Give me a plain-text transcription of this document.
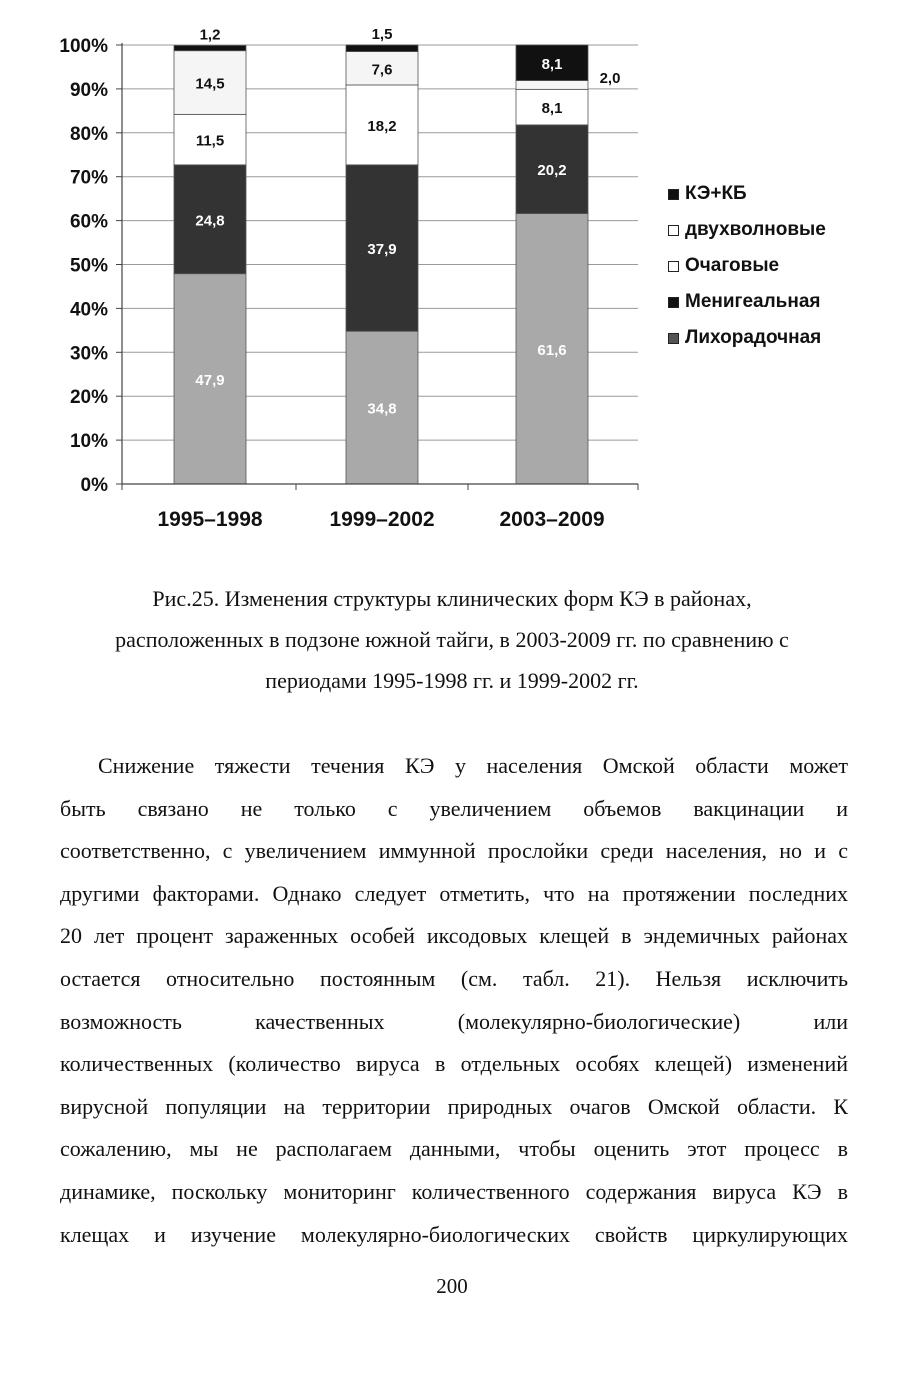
47,9
24,8
11,5
14,5
1,2
34,8
37,9
18,2
7,6
1,5
61,6
20,2
8,1
2,0
8,1
0%
10%
20%
30%
40%
50%
60%
70%
80%
90%
100%
1995–1998	1999–2002	2003–2009
КЭ+КБ
двухволновые
Очаговые
Менигеальная
Лихорадочная
Рис.25. Изменения структуры клинических форм КЭ в районах,
расположенных в подзоне южной тайги, в 2003-2009 гг. по сравнению с
периодами 1995-1998 гг. и 1999-2002 гг.
Снижение тяжести течения КЭ у населения Омской области может
быть связано не только с увеличением объемов вакцинации и
соответственно, с увеличением иммунной прослойки среди населения, но и с
другими факторами. Однако следует отметить, что на протяжении последних
20 лет процент зараженных особей иксодовых клещей в эндемичных районах
остается относительно постоянным (см. табл. 21). Нельзя исключить
возможность качественных (молекулярно-биологические) или
количественных (количество вируса в отдельных особях клещей) изменений
вирусной популяции на территории природных очагов Омской области. К
сожалению, мы не располагаем данными, чтобы оценить этот процесс в
динамике, поскольку мониторинг количественного содержания вируса КЭ в
клещах и изучение молекулярно-биологических свойств циркулирующих
200
